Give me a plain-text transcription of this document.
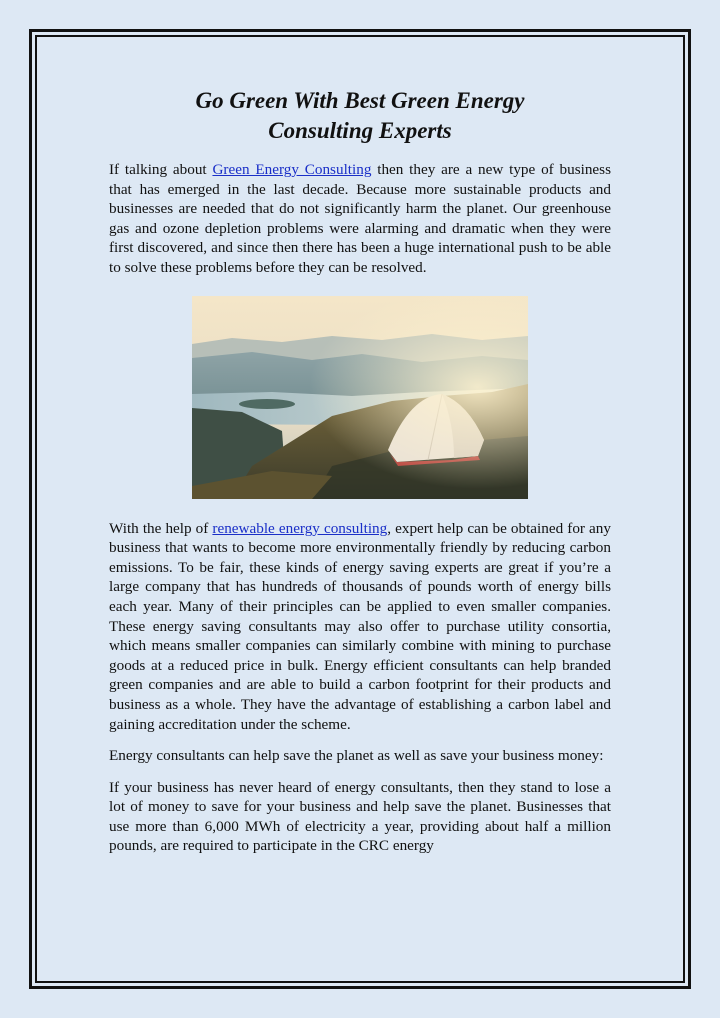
Go Green With Best Green Energy
Consulting Experts

If talking about Green Energy Consulting then they are a new type of business that has emerged in the last decade. Because more sustainable products and businesses are needed that do not significantly harm the planet. Our greenhouse gas and ozone depletion problems were alarming and dramatic when they were first discovered, and since then there has been a huge international push to be able to solve these problems before they can be resolved.

With the help of renewable energy consulting, expert help can be obtained for any business that wants to become more environmentally friendly by reducing carbon emissions. To be fair, these kinds of energy saving experts are great if you’re a large company that has hundreds of thousands of pounds worth of energy bills each year. Many of their principles can be applied to even smaller companies. These energy saving consultants may also offer to purchase utility consortia, which means smaller companies can similarly combine with mining to purchase goods at a reduced price in bulk. Energy efficient consultants can help branded green companies and are able to build a carbon footprint for their products and business as a whole. They have the advantage of establishing a carbon label and gaining accreditation under the scheme.

Energy consultants can help save the planet as well as save your business money:

If your business has never heard of energy consultants, then they stand to lose a lot of money to save for your business and help save the planet. Businesses that use more than 6,000 MWh of electricity a year, providing about half a million pounds, are required to participate in the CRC energy
